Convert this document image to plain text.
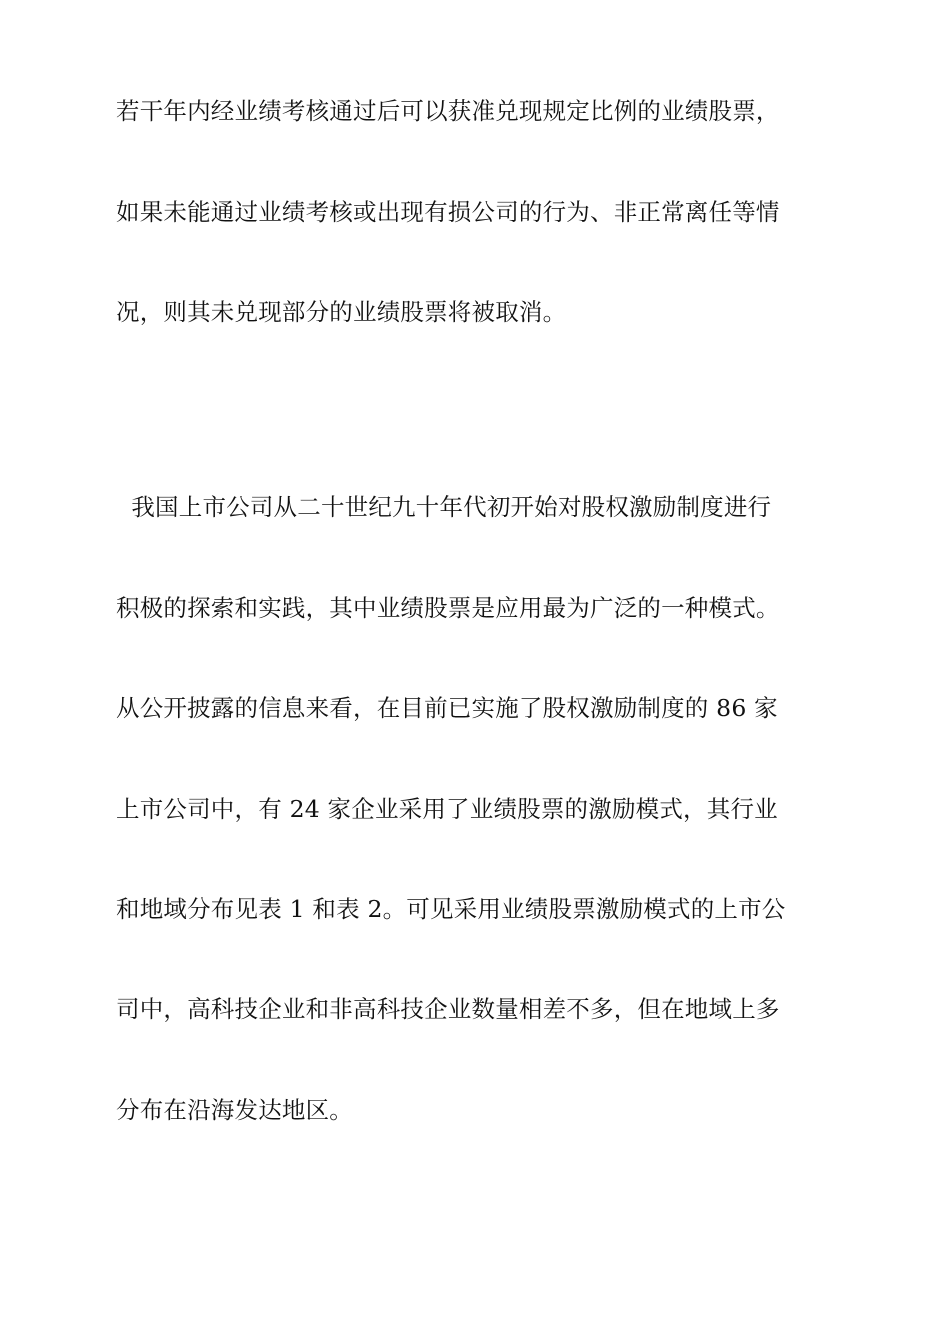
若干年内经业绩考核通过后可以获准兑现规定比例的业绩股票，
如果未能通过业绩考核或出现有损公司的行为、非正常离任等情
况，则其未兑现部分的业绩股票将被取消。
我国上市公司从二十世纪九十年代初开始对股权激励制度进行
积极的探索和实践，其中业绩股票是应用最为广泛的一种模式。
从公开披露的信息来看，在目前已实施了股权激励制度的 86 家
上市公司中，有 24 家企业采用了业绩股票的激励模式，其行业
和地域分布见表 1 和表 2。可见采用业绩股票激励模式的上市公
司中，高科技企业和非高科技企业数量相差不多，但在地域上多
分布在沿海发达地区。
